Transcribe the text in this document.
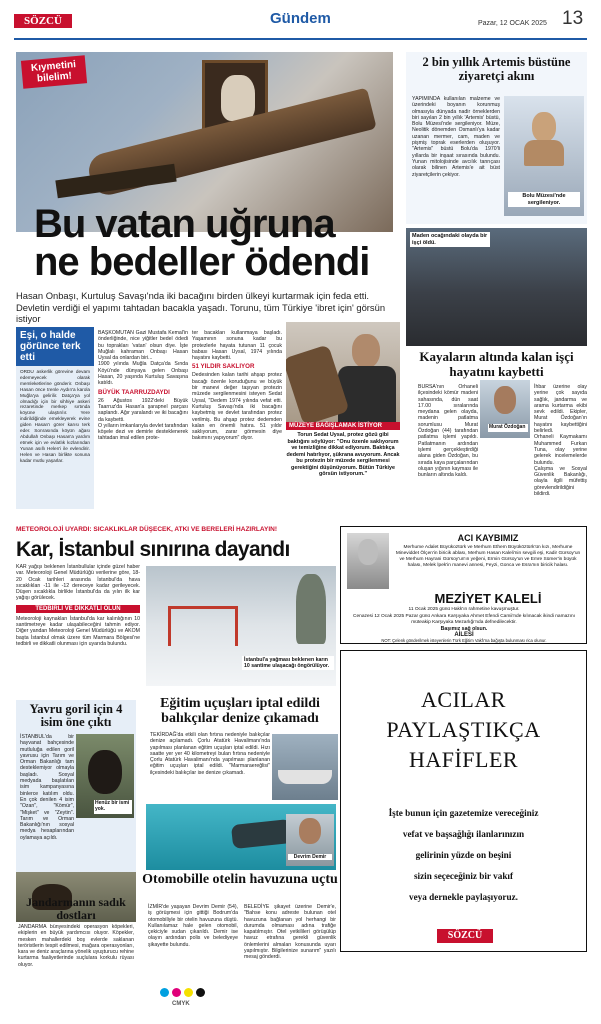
SÖZCÜ	Gündem	Pazar, 12 OCAK 2025 13
Kıymetini bilelim!
Bu vatan uğruna
ne bedeller ödendi
Hasan Onbaşı, Kurtuluş Savaşı'nda iki bacağını birden ülkeyi kurtarmak için feda etti. Devletin verdiği el yapımı tahtadan bacakla yaşadı. Torunu, tüm Türkiye 'ibret için' görsün istiyor
Eşi, o halde görünce terk etti
ORDU askerlik görevine devam edemeyecek olarak memleketlerine gönderir. Onbaşı Hasan önce trenle Aydın'a karola Muğla'ya gelirilir. Datça'ya yol olmadığı için bir sihhiye askeri rezaretinde merkep sırtında köyüne ulaştırılır. Yere indirildiğinde emekleyerek evine giden Hasan'ı görer karısı terk eder. Sonrasında köyün ağası Abdullah Onbaşı Hasan'a yardım etmek için ve evlatlık kızlarından Yunan asıllı Helen'i ile evlendirir. Helen ve Hasan birlikte sonuna kadar mutlu yaşarlar.
BAŞKOMUTAN Gazi Mustafa Kemal'in önderliğinde, nice yiğitler bedel ödedi bu toprakları 'vatan' olsun diye. İşte Muğlalı kahraman Onbaşı Hasan Uysal da onlardan biri...
1900 yılında Muğla Datça'da Sında Köyü'nde dünyaya gelen Onbaşı Hasan, 20 yaşında Kurtuluş Savaşına katıldı.
BÜYÜK TAARRUZDAYDI
26 Ağustos 1922'deki Büyük Taarruz'da Hasan'a şarapnel parçası saplandı. Ağır yaralandı ve iki bacağını da kaybetti.
O yılların imkanlarıyla devlet tarafından köşele dezi ve demirle desteklenerek tahtadan imal edilen prote-
ter bacakları kullanmaya başladı. Yaşamının sonuna kadar bu protezlerle hayata tutunan 11 çocuk babası Hasan Uysal, 1974 yılında hayatını kaybetti.
51 YILDIR SAKLIYOR
Dedesinden kalan tarihi ahşap protez bacağı özenle koruduğunu ve büyük bir manevi değer taşıyan protezin müzede sergilenmesini isteyen Sedat Uysal, "Dedem 1974 yılında vefat etti. Kurtuluş Savaşı'nda iki bacağını kaybetmiş ve devlet tarafından protez verilmiş. Bu ahşap protez dedemden kalan en önemli hatıra. 51 yıldır saklıyorum, zarar görmesin diye bakımını yapıyorum" diyor.
MÜZEYE BAĞIŞLAMAK İSTİYOR
Torun Sedat Uysal, protez gözü gibi baktığını söylüyor: "Onu özenle saklıyorum ve temizliğine dikkat ediyorum. Baktıkça dedemi hatırlıyor, şükrana avuyorum. Ancak bu protezin bir müzede sergilenmesi gerektiğini düşünüyorum. Bütün Türkiye görsün istiyorum."
2 bin yıllık Artemis büstüne ziyaretçi akını
YAPIMINDA kullanılan malzeme ve üzerindeki boyanın korunmuş olmasıyla dünyada nadir örneklerden biri sayılan 2 bin yıllık 'Artemis' büstü, Bolu Müzesi'nde sergileniyor. Müze, Neolitik dönemden Osmanlı'ya kadar uzanan mermer, cam, maden ve pişmiş toprak eserlerden oluşuyor. "Artemis" büstü Bolu'da 1970'li yıllarda bir inşaat sırasında bulundu. Yunan mitolojisinde avcılık tanrıçası olarak bilinen Artemis'e ait büst ziyaretçilerin çekiyor.
Bolu Müzesi'nde sergileniyor.
Maden ocağındaki olayda bir işçi öldü.
Kayaların altında kalan işçi hayatını kaybetti
BURSA'nın Orhaneli ilçesindeki kömür madeni sahasında, dün saat 17.00 sıralarında meydana gelen olayda, madenin patlatma sorumlusu Murat Özdoğan (44) tarafından patlatma işlemi yapıldı. Patlatmanın ardından işlemi gerçekleştirdiği alana giden Özdoğan, bu sırada kaya parçalarından oluşan yığının kayması ile bunların altında kaldı.
Murat Özdoğan
İhbar üzerine olay yerine çok sayıda sağlık, jandarma ve arama kurtarma ekibi sevk edildi. Ekipler, Murat Özdoğan'ın hayatını kaybettiğini belirledi.
Orhaneli Kaymakamı Muhammed Furkan Tuna, olay yerine gelerek incelemelerde bulundu.
Çalışma ve Sosyal Güvenlik Bakanlığı, olayla ilgili müfettiş görevlendirildiğini bildirdi.
METEOROLOJİ UYARDI: SICAKLIKLAR DÜŞECEK, ATKI VE BERELERİ HAZIRLAYIN!
Kar, İstanbul sınırına dayandı
KAR yağışı beklenen İstanbullular içinde güzel haber var. Meteoroloji Genel Müdürlüğü verilerine göre, 18-20 Ocak tarihleri arasında İstanbul'da hava sıcaklıkları -11 ile -12 dereceye kadar gerileyecek. Düşen sıcaklıkla birlikte İstanbul'da da yılın ilk kar yağışı görülecek.
TEDBİRLİ VE DİKKATLİ OLUN
Meteoroloji kaynakları İstanbul'da kar kalınlığının 10 santimetreye kadar ulaşabileceğini tahmin ediyor. Diğer yandan Meteoroloji Genel Müdürlüğü ve AKOM başta İstanbul olmak üzere tüm Marmara Bölgesi'ne tedbirli ve dikkatli olunması için uyarıda bulundu.
İstanbul'a yağması beklenen karın 10 santime ulaşacağı öngörülüyor.
ACI KAYBIMIZ
Merhume Adalet Büyükoztürk ve Merhum Ethem Büyüköztürk'ün kızı, Merhume Mineviddet Ölçen'in biricik ablası, Merhum Hasan Kaleli'nin sevgili eşi, Kadir Gürsoy'un ve Merhum Hayrani Gürsoy'un'ın yeğeni, Ermin Gürsoy'un ve Emre Sümer'in büyük halası, Melek İpek'in manevi annesi, Feyzi, Gonca ve Esra'nın biricik halası.
MEZİYET KALELİ
11 Ocak 2025 günü Hakk'ın rahmetine kavuşmuştur.
Cenazesi 12 Ocak 2025 Pazar günü Ankara Karşıyaka Ahmet Efendi Camii'nde kılınacak ikindi namazını müteakip Karşıyaka Mezarlığı'nda defnedilecektir.
Başımız sağ olsun.
AİLESİ
NOT: Çelenk gönderilmek isteyenlerin Türk Eğitim Vakfı'na bağışta bulunması rica olunur.
Yavru goril için 4 isim öne çıktı
İSTANBUL'da bir hayvanat bahçesinde mutluluğa edilen goril yavrusu için Tarım ve Orman Bakanlığı tam desteklemiyor olmayla başladı. Sosyal medyada başlatılan isim kampanyasına binlerce katılım oldu. En çok denilen 4 isim "Ozan", "Kömür", "Mişket" ve "Zeytin". Tarım ve Orman Bakanlığı'nın sosyal medya hesaplarından oylamaya açıldı.
Henüz bir ismi yok.
Eğitim uçuşları iptal edildi balıkçılar denize çıkamadı
TEKİRDAĞ'da etkili olan fırtına nedeniyle balıkçılar denize açılamadı. Çorlu Atatürk Havalimanı'nda yapılması planlanan eğitim uçuşları iptal edildi. Hızı saatte yer yer 40 kilometreyi bulan fırtına nedeniyle Çorlu Atatürk Havalimanı'nda yapılması planlanan eğitim uçuşları iptal edildi. "Marmaraereğlisi" ilçesindeki balıkçılar ise denize çıkamadı.
Jandarmanın sadık dostları
JANDARMA bünyesindeki operasyon köpekleri, ekiplerin en büyük yardımcısı oluyor. Köpekler, mesken mahallerdeki boş evlerde saklanan teröristlerin tespit edilmesi, mağara operasyonları, kara ve deniz araçlarına yönelik uyuşturucu rehine kurtarma faaliyetlerinde suçlulara korkulu rüyası oluyor.
Devrim Demir
Otomobille otelin havuzuna uçtu
İZMİR'de yaşayan Devrim Demir (54), iş görüşmesi için gittiği Bodrum'da otomobiliyle bir otelin havuzuna düştü. Kullanılamaz hale gelen otomobil, çekiciyle sudan çıkarıldı. Demir ise olayın ardından polis ve belediyeye şikayette bulundu.
BELEDİYE şikayet üzerine Demir'e, "Bahse konu adreste bulunan otel havuzuna bağlanan yol herhangi bir durumda olmaması adına trafiğe kapatılmıştır. Otel yetkilileri görüşülüp havuz etrafına gerekli güvenlik önlemlerini almaları konusunda uyarı yapılmıştır. Bilgilerinize sunarım" yazılı mesaj gönderdi.
ACILAR
PAYLAŞTIKÇA
HAFİFLER
İşte bunun için gazetemize vereceğiniz
vefat ve başsağlığı ilanlarınızın
gelirinin yüzde on beşini
sizin seçeceğiniz bir vakıf
veya dernekle paylaşıyoruz.
SÖZCÜ
CMYK
